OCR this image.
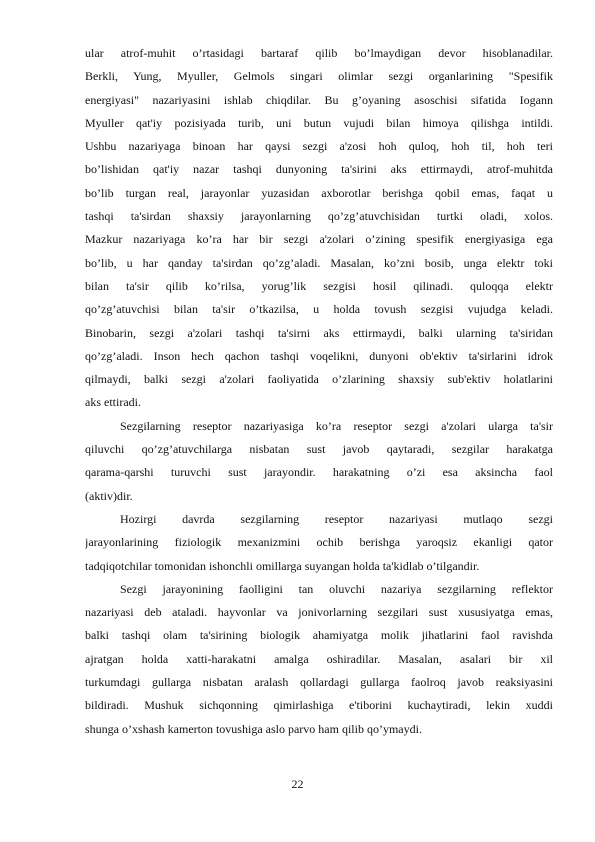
ular atrof-muhit o’rtasidagi bartaraf qilib bo’lmaydigan devor hisoblanadilar.
Berkli, Yung, Myuller, Gelmols singari olimlar sezgi organlarining "Spesifik
energiyasi" nazariyasini ishlab chiqdilar. Bu g’oyaning asoschisi sifatida Iogann
Myuller qat'iy pozisiyada turib, uni butun vujudi bilan himoya qilishga intildi.
Ushbu nazariyaga binoan har qaysi sezgi a'zosi hoh quloq, hoh til, hoh teri
bo’lishidan qat'iy nazar tashqi dunyoning ta'sirini aks ettirmaydi, atrof-muhitda
bo’lib turgan real, jarayonlar yuzasidan axborotlar berishga qobil emas, faqat u
tashqi ta'sirdan shaxsiy jarayonlarning qo’zg’atuvchisidan turtki oladi, xolos.
Mazkur nazariyaga ko’ra har bir sezgi a'zolari o’zining spesifik energiyasiga ega
bo’lib, u har qanday ta'sirdan qo’zg’aladi. Masalan, ko’zni bosib, unga elektr toki
bilan ta'sir qilib ko’rilsa, yorug’lik sezgisi hosil qilinadi. quloqqa elektr
qo’zg’atuvchisi bilan ta'sir o’tkazilsa, u holda tovush sezgisi vujudga keladi.
Binobarin, sezgi a'zolari tashqi ta'sirni aks ettirmaydi, balki ularning ta'siridan
qo’zg’aladi. Inson hech qachon tashqi voqelikni, dunyoni ob'ektiv ta'sirlarini idrok
qilmaydi, balki sezgi a'zolari faoliyatida o’zlarining shaxsiy sub'ektiv holatlarini
aks ettiradi.
Sezgilarning reseptor nazariyasiga ko’ra reseptor sezgi a'zolari ularga ta'sir
qiluvchi qo’zg’atuvchilarga nisbatan sust javob qaytaradi, sezgilar harakatga
qarama-qarshi turuvchi sust jarayondir. harakatning o’zi esa aksincha faol
(aktiv)dir.
Hozirgi davrda sezgilarning reseptor nazariyasi mutlaqo sezgi
jarayonlarining fiziologik mexanizmini ochib berishga yaroqsiz ekanligi qator
tadqiqotchilar tomonidan ishonchli omillarga suyangan holda ta'kidlab o’tilgandir.
Sezgi jarayonining faolligini tan oluvchi nazariya sezgilarning reflektor
nazariyasi deb ataladi. hayvonlar va jonivorlarning sezgilari sust xususiyatga emas,
balki tashqi olam ta'sirining biologik ahamiyatga molik jihatlarini faol ravishda
ajratgan holda xatti-harakatni amalga oshiradilar. Masalan, asalari bir xil
turkumdagi gullarga nisbatan aralash qollardagi gullarga faolroq javob reaksiyasini
bildiradi. Mushuk sichqonning qimirlashiga e'tiborini kuchaytiradi, lekin xuddi
shunga o’xshash kamerton tovushiga aslo parvo ham qilib qo’ymaydi.
22
